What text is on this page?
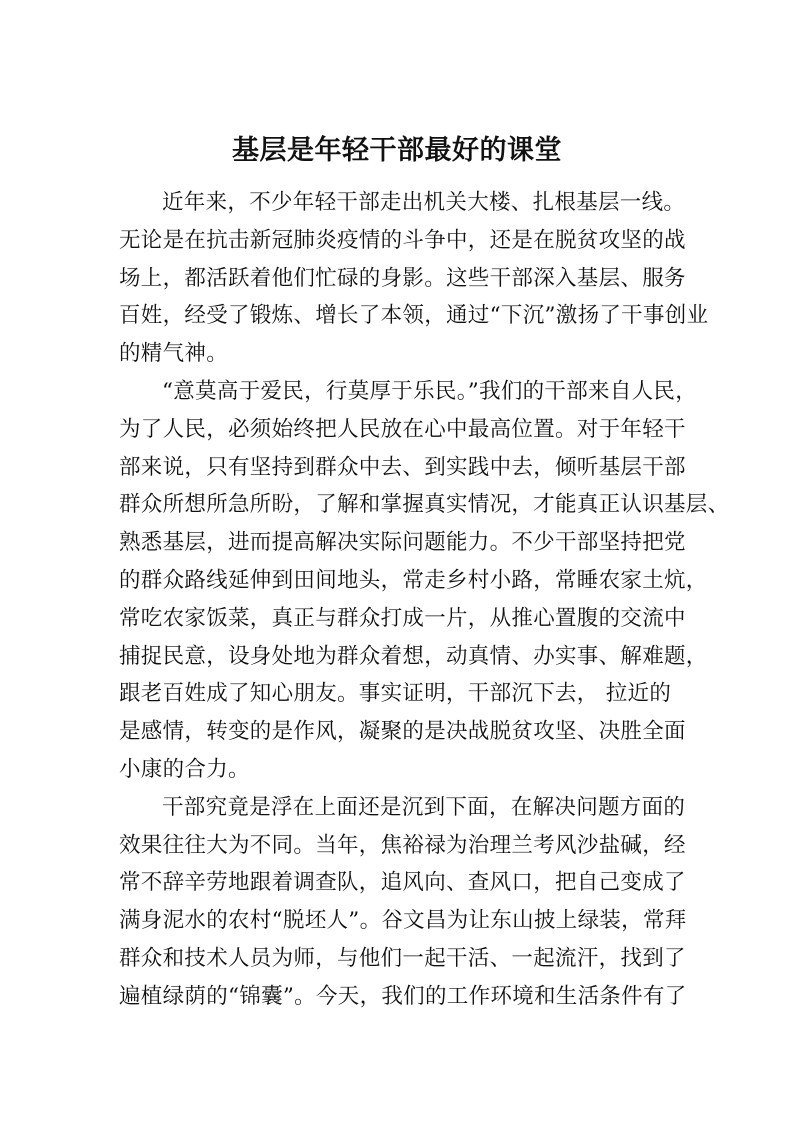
基层是年轻干部最好的课堂
近年来，不少年轻干部走出机关大楼、扎根基层一线。
无论是在抗击新冠肺炎疫情的斗争中，还是在脱贫攻坚的战
场上，都活跃着他们忙碌的身影。这些干部深入基层、服务
百姓，经受了锻炼、增长了本领，通过“下沉”激扬了干事创业
的精气神。
“意莫高于爱民，行莫厚于乐民。”我们的干部来自人民，
为了人民，必须始终把人民放在心中最高位置。对于年轻干
部来说，只有坚持到群众中去、到实践中去，倾听基层干部
群众所想所急所盼，了解和掌握真实情况，才能真正认识基层、
熟悉基层，进而提高解决实际问题能力。不少干部坚持把党
的群众路线延伸到田间地头，常走乡村小路，常睡农家土炕，
常吃农家饭菜，真正与群众打成一片，从推心置腹的交流中
捕捉民意，设身处地为群众着想，动真情、办实事、解难题，
跟老百姓成了知心朋友。事实证明，干部沉下去， 拉近的
是感情，转变的是作风，凝聚的是决战脱贫攻坚、决胜全面
小康的合力。
干部究竟是浮在上面还是沉到下面，在解决问题方面的
效果往往大为不同。当年，焦裕禄为治理兰考风沙盐碱，经
常不辞辛劳地跟着调查队，追风向、查风口，把自己变成了
满身泥水的农村“脱坯人”。谷文昌为让东山披上绿装，常拜
群众和技术人员为师，与他们一起干活、一起流汗，找到了
遍植绿荫的“锦囊”。今天，我们的工作环境和生活条件有了
